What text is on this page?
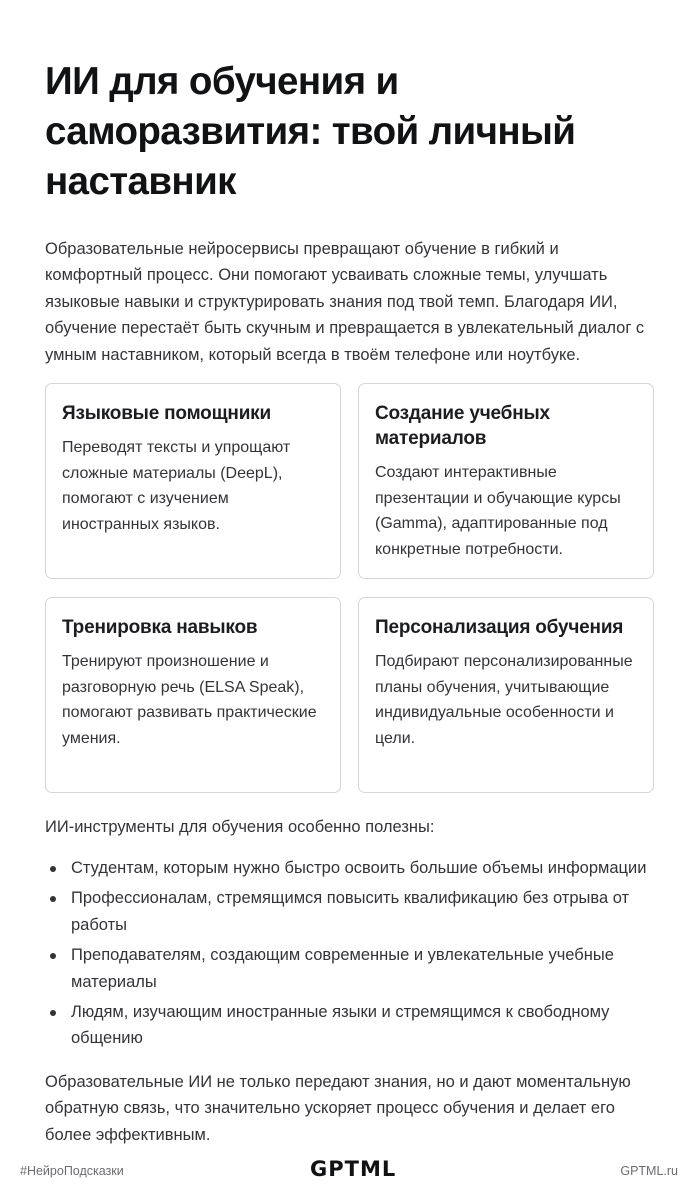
ИИ для обучения и саморазвития: твой личный наставник

Образовательные нейросервисы превращают обучение в гибкий и комфортный процесс. Они помогают усваивать сложные темы, улучшать языковые навыки и структурировать знания под твой темп. Благодаря ИИ, обучение перестаёт быть скучным и превращается в увлекательный диалог с умным наставником, который всегда в твоём телефоне или ноутбуке.

Языковые помощники
Переводят тексты и упрощают сложные материалы (DeepL), помогают с изучением иностранных языков.
Создание учебных материалов
Создают интерактивные презентации и обучающие курсы (Gamma), адаптированные под конкретные потребности.
Тренировка навыков
Тренируют произношение и разговорную речь (ELSA Speak), помогают развивать практические умения.
Персонализация обучения
Подбирают персонализированные планы обучения, учитывающие индивидуальные особенности и цели.

ИИ-инструменты для обучения особенно полезны:

Студентам, которым нужно быстро освоить большие объемы информации
Профессионалам, стремящимся повысить квалификацию без отрыва от работы
Преподавателям, создающим современные и увлекательные учебные материалы
Людям, изучающим иностранные языки и стремящимся к свободному общению

Образовательные ИИ не только передают знания, но и дают моментальную обратную связь, что значительно ускоряет процесс обучения и делает его более эффективным.

#НейроПодсказки	GPTML	GPTML.ru
